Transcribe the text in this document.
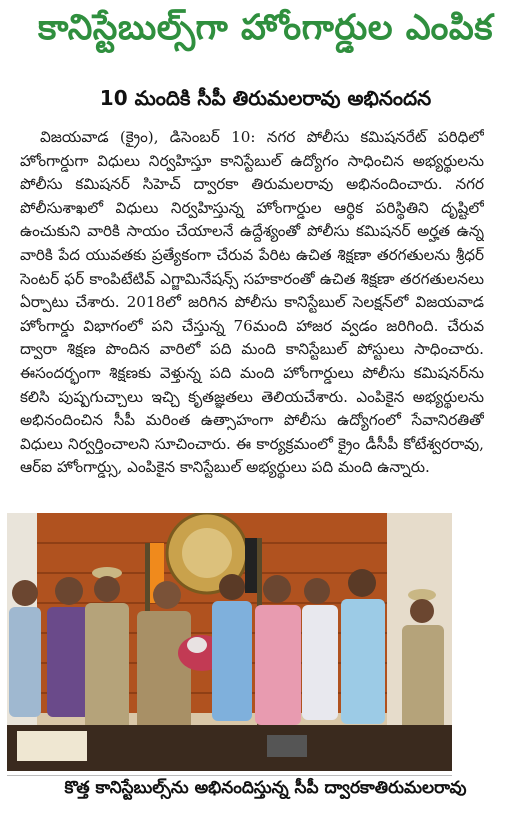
కానిస్టేబుల్స్‌గా హోంగార్డుల ఎంపిక
10 మందికి సీపీ తిరుమలరావు అభినందన

విజయవాడ (క్రైం), డిసెంబర్ 10: నగర పోలీసు కమిషనరేట్ పరిధిలో హోంగార్డుగా విధులు నిర్వహిస్తూ కానిస్టేబుల్ ఉద్యోగం సాధించిన అభ్యర్థులను పోలీసు కమిషనర్ సిహెచ్ ద్వారకా తిరుమలరావు అభినందించారు. నగర పోలీసుశాఖలో విధులు నిర్వహిస్తున్న హోంగార్డుల ఆర్థిక పరిస్థితిని దృష్టిలో ఉంచుకుని వారికి సాయం చేయాలనే ఉద్దేశ్యంతో పోలీసు కమిషనర్ అర్హత ఉన్న వారికి పేద యువతకు ప్రత్యేకంగా చేరువ పేరిట ఉచిత శిక్షణా తరగతులను శ్రీధర్ సెంటర్ ఫర్ కాంపిటేటివ్ ఎగ్జామినేషన్స్ సహకారంతో ఉచిత శిక్షణా తరగతులనలు ఏర్పాటు చేశారు. 2018లో జరిగిన పోలీసు కానిస్టేబుల్ సెలక్షన్‌లో విజయవాడ హోంగార్డు విభాగంలో పని చేస్తున్న 76మంది హాజర వ్వడం జరిగింది. చేరువ ద్వారా శిక్షణ పొందిన వారిలో పది మంది కానిస్టేబుల్ పోస్టులు సాధించారు. ఈసందర్భంగా శిక్షణకు వెళ్తున్న పది మంది హోంగార్డులు పోలీసు కమిషనర్‌ను కలిసి పుష్పగుచ్చాలు ఇచ్చి కృతజ్ఞతలు తెలియచేశారు. ఎంపికైన అభ్యర్థులను అభినందించిన సీపీ మరింత ఉత్సాహంగా పోలీసు ఉద్యోగంలో సేవానిరతితో విధులు నిర్వర్తించాలని సూచించారు. ఈ కార్యక్రమంలో క్రైం డీసీపీ కోటేశ్వరరావు, ఆర్‌ఐ హోంగార్డ్సు, ఎంపికైన కానిస్టేబుల్ అభ్యర్థులు పది మంది ఉన్నారు.

కొత్త కానిస్టేబుల్స్‌ను అభినందిస్తున్న సీపీ ద్వారకాతిరుమలరావు
